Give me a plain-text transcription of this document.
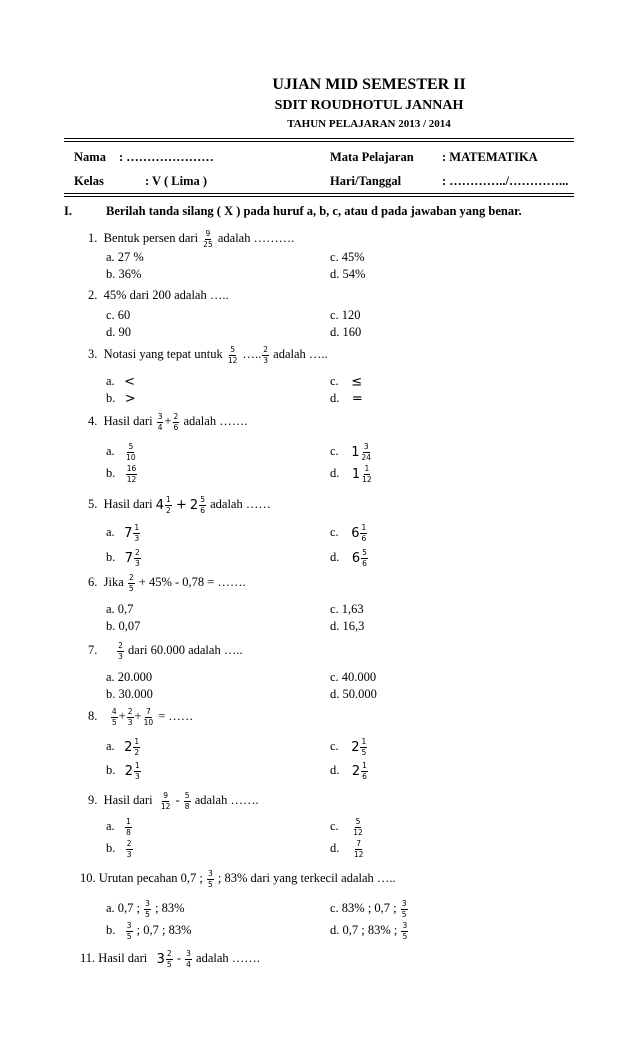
UJIAN MID SEMESTER II
SDIT ROUDHOTUL JANNAH
TAHUN PELAJARAN 2013 / 2014
Nama : …………………	Mata Pelajaran : MATEMATIKA
Kelas	: V ( Lima )	Hari/Tanggal	: …………../…………...
I.	Berilah tanda silang ( X ) pada huruf a, b, c, atau d pada jawaban yang benar.
1. Bentuk persen dari $\frac{9}{25}$ adalah ……….
a. 27 %	c. 45%
b. 36%	d. 54%
2. 45% dari 200 adalah …..
c. 60	c. 120
d. 90	d. 160
3. Notasi yang tepat untuk $\frac{5}{12}$ ….. $\frac{2}{3}$ adalah …..
a. <	c. ≤
b. >	d. =
4. Hasil dari $\frac{3}{4} + \frac{2}{6}$ adalah …….
a. $\frac{5}{10}$	c. $1 \frac{3}{24}$
b. $\frac{16}{12}$	d. $1 \frac{1}{12}$
5. Hasil dari $4 \frac{1}{2} + 2 \frac{5}{6}$ adalah ……
a. $7 \frac{1}{3}$	c. $6 \frac{1}{6}$
b. $7 \frac{2}{3}$	d. $6 \frac{5}{6}$
6. Jika $\frac{2}{5} + 45\% - 0,78$ = …….
a. 0,7	c. 1,63
b. 0,07	d. 16,3
7.	$\frac{2}{3}$ dari 60.000 adalah …..
a. 20.000	c. 40.000
b. 30.000	d. 50.000
8. $\frac{4}{5} + \frac{2}{3} + \frac{7}{10}$ = ……
a. $2 \frac{1}{2}$	c. $2 \frac{1}{5}$
b. $2 \frac{1}{3}$	d. $2 \frac{1}{6}$
9. Hasil dari $\frac{9}{12} - \frac{5}{8}$ adalah …….
a. $\frac{1}{8}$	c. $\frac{5}{12}$
b. $\frac{2}{3}$	d. $\frac{7}{12}$
10. Urutan pecahan 0,7 ; $\frac{3}{5}$ ; 83% dari yang terkecil adalah …..
a. 0,7 ; $\frac{3}{5}$ ; 83%	c. 83% ; 0,7 ; $\frac{3}{5}$
b. $\frac{3}{5}$ ; 0,7 ; 83%	d. 0,7 ; 83% ; $\frac{3}{5}$
11. Hasil dari $3 \frac{2}{5} - \frac{3}{4}$ adalah …….
